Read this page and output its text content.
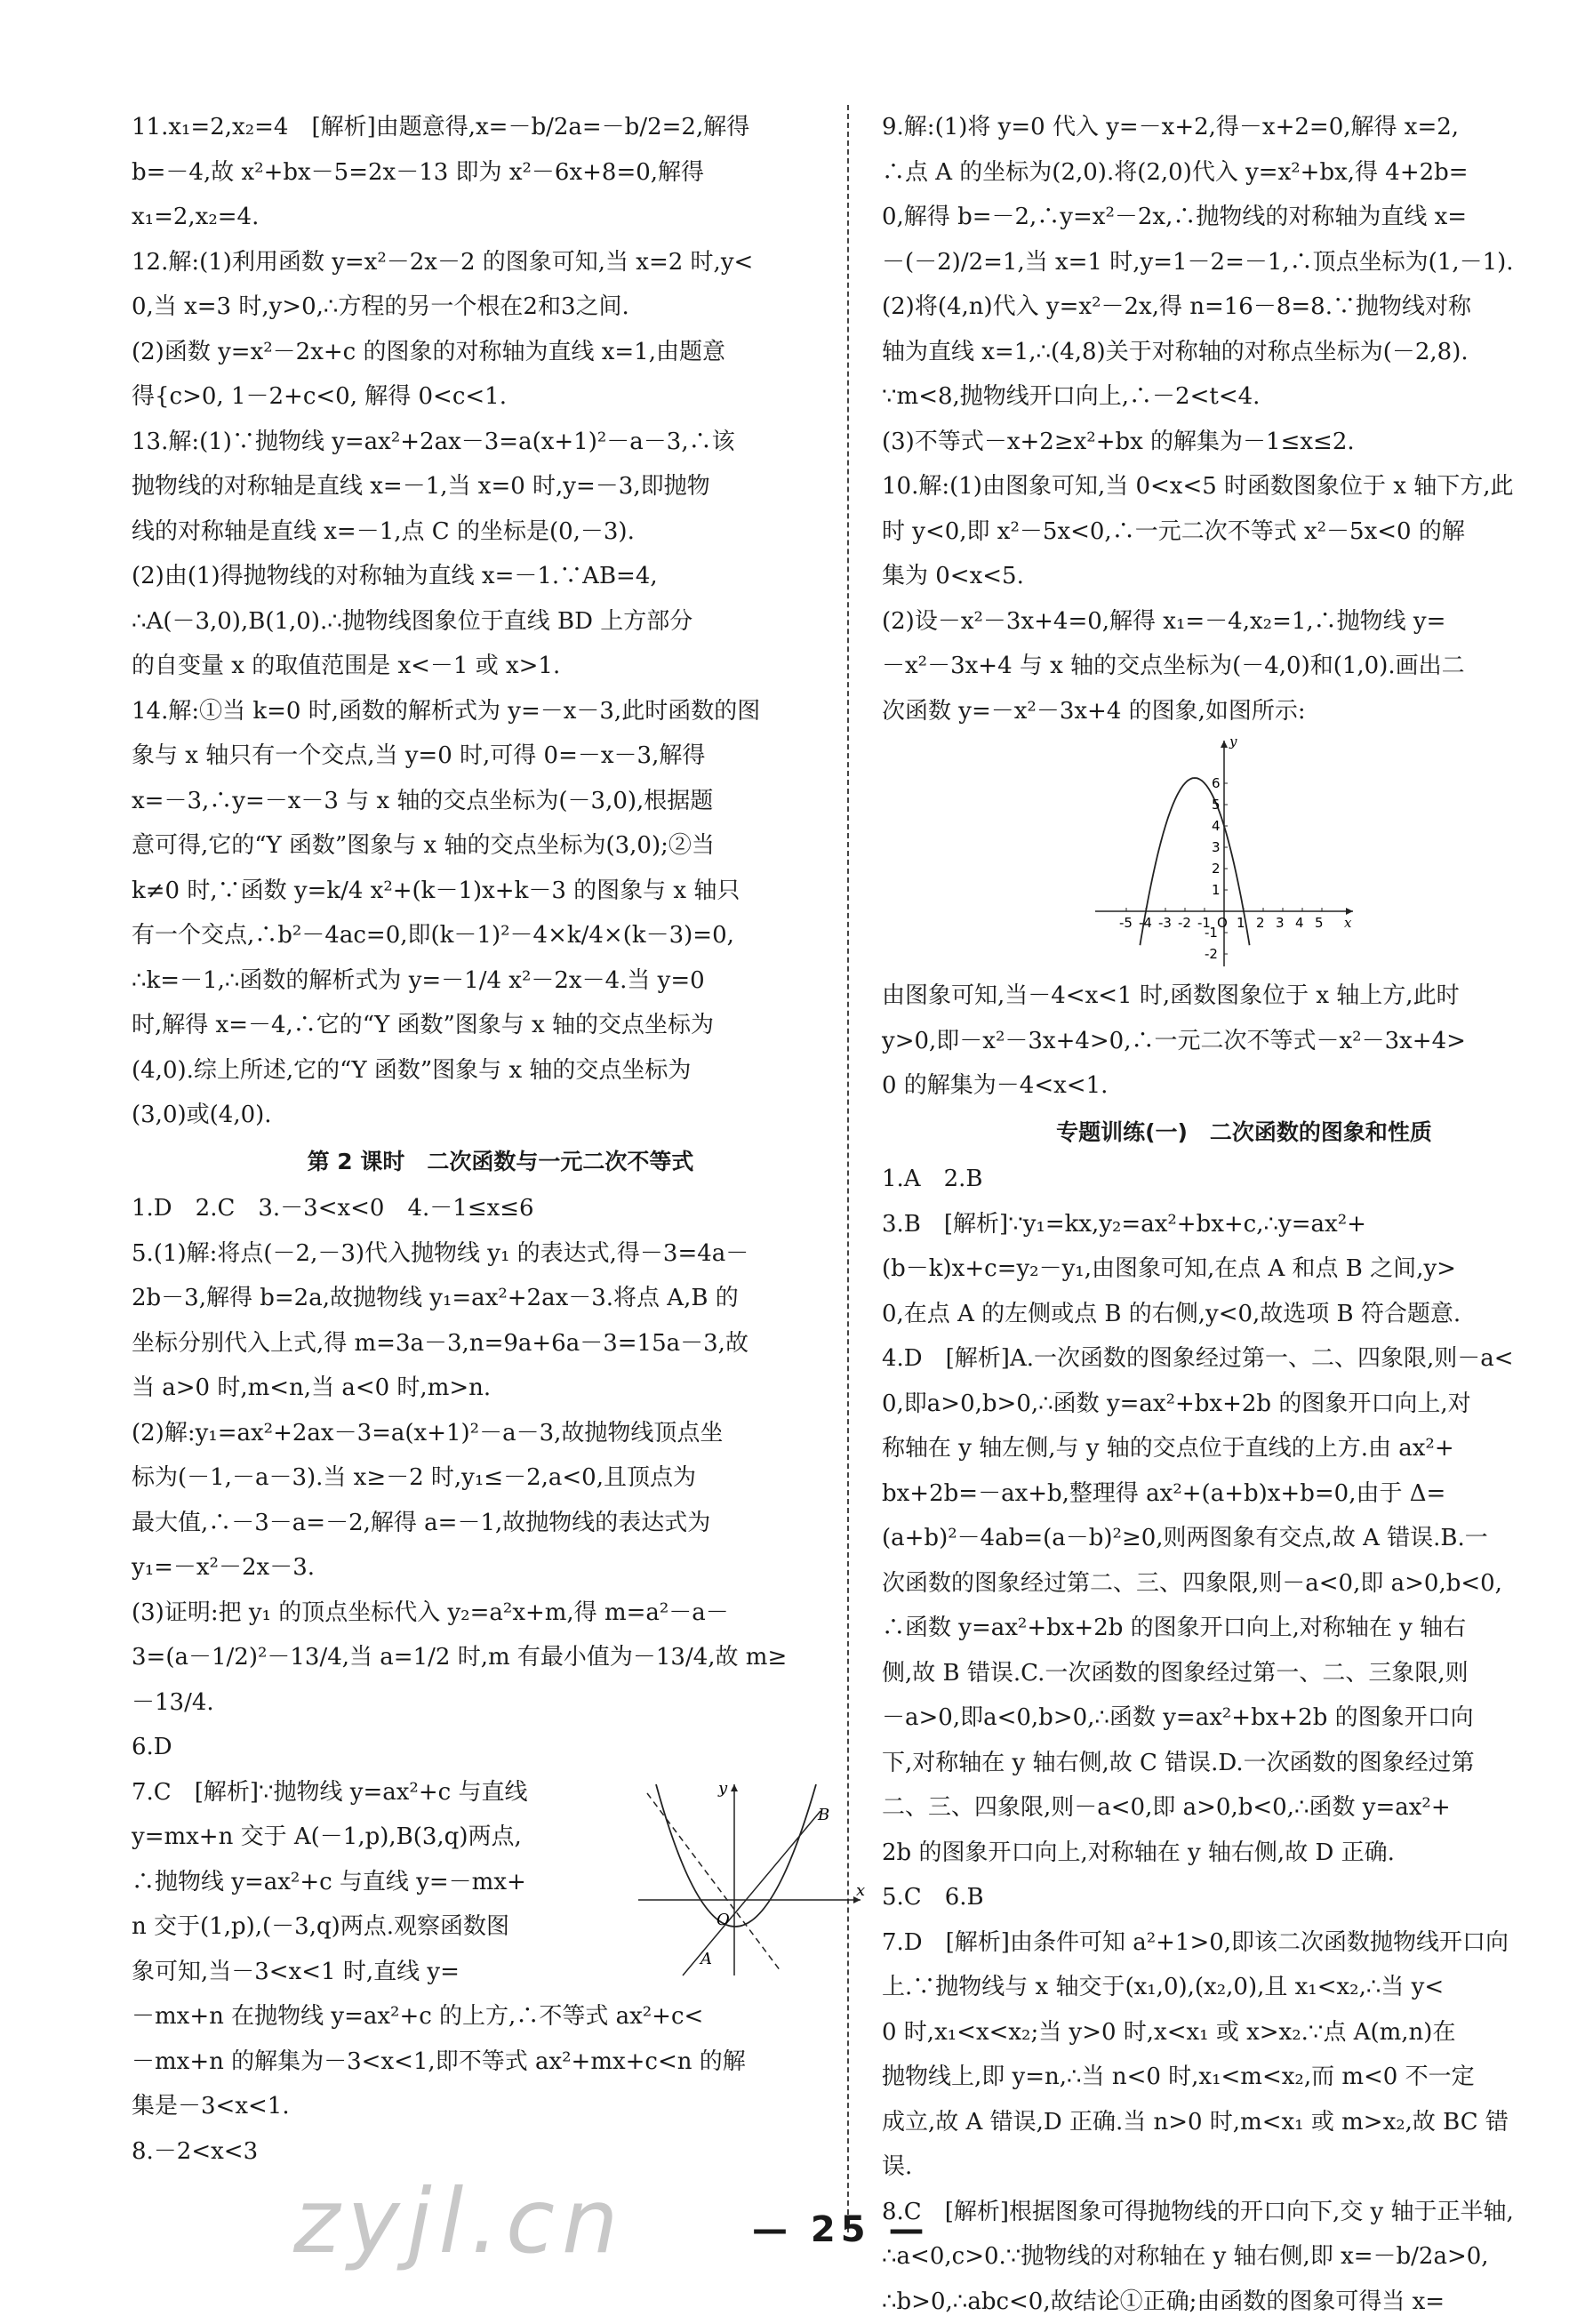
11.x₁=2,x₂=4　[解析]由题意得,x=－b/2a=－b/2=2,解得
b=－4,故 x²+bx－5=2x－13 即为 x²－6x+8=0,解得
x₁=2,x₂=4.
12.解:(1)利用函数 y=x²－2x－2 的图象可知,当 x=2 时,y<
0,当 x=3 时,y>0,∴方程的另一个根在2和3之间.
(2)函数 y=x²－2x+c 的图象的对称轴为直线 x=1,由题意
得{c>0, 1－2+c<0, 解得 0<c<1.
13.解:(1)∵抛物线 y=ax²+2ax－3=a(x+1)²－a－3,∴该
抛物线的对称轴是直线 x=－1,当 x=0 时,y=－3,即抛物
线的对称轴是直线 x=－1,点 C 的坐标是(0,－3).
(2)由(1)得抛物线的对称轴为直线 x=－1.∵AB=4,
∴A(－3,0),B(1,0).∴抛物线图象位于直线 BD 上方部分
的自变量 x 的取值范围是 x<－1 或 x>1.
14.解:①当 k=0 时,函数的解析式为 y=－x－3,此时函数的图
象与 x 轴只有一个交点,当 y=0 时,可得 0=－x－3,解得
x=－3,∴y=－x－3 与 x 轴的交点坐标为(－3,0),根据题
意可得,它的“Y 函数”图象与 x 轴的交点坐标为(3,0);②当
k≠0 时,∵函数 y=k/4 x²+(k－1)x+k－3 的图象与 x 轴只
有一个交点,∴b²－4ac=0,即(k－1)²－4×k/4×(k－3)=0,
∴k=－1,∴函数的解析式为 y=－1/4 x²－2x－4.当 y=0
时,解得 x=－4,∴它的“Y 函数”图象与 x 轴的交点坐标为
(4,0).综上所述,它的“Y 函数”图象与 x 轴的交点坐标为
(3,0)或(4,0).
第 2 课时　二次函数与一元二次不等式
1.D　2.C　3.－3<x<0　4.－1≤x≤6
5.(1)解:将点(－2,－3)代入抛物线 y₁ 的表达式,得－3=4a－
2b－3,解得 b=2a,故抛物线 y₁=ax²+2ax－3.将点 A,B 的
坐标分别代入上式,得 m=3a－3,n=9a+6a－3=15a－3,故
当 a>0 时,m<n,当 a<0 时,m>n.
(2)解:y₁=ax²+2ax－3=a(x+1)²－a－3,故抛物线顶点坐
标为(－1,－a－3).当 x≥－2 时,y₁≤－2,a<0,且顶点为
最大值,∴－3－a=－2,解得 a=－1,故抛物线的表达式为
y₁=－x²－2x－3.
(3)证明:把 y₁ 的顶点坐标代入 y₂=a²x+m,得 m=a²－a－
3=(a－1/2)²－13/4,当 a=1/2 时,m 有最小值为－13/4,故 m≥
－13/4.
6.D
7.C　[解析]∵抛物线 y=ax²+c 与直线
y=mx+n 交于 A(－1,p),B(3,q)两点,
∴抛物线 y=ax²+c 与直线 y=－mx+
n 交于(1,p),(－3,q)两点.观察函数图
象可知,当－3<x<1 时,直线 y=
－mx+n 在抛物线 y=ax²+c 的上方,∴不等式 ax²+c<
－mx+n 的解集为－3<x<1,即不等式 ax²+mx+c<n 的解
集是－3<x<1.
y
B
O
A
x
8.－2<x<3
9.解:(1)将 y=0 代入 y=－x+2,得－x+2=0,解得 x=2,
∴点 A 的坐标为(2,0).将(2,0)代入 y=x²+bx,得 4+2b=
0,解得 b=－2,∴y=x²－2x,∴抛物线的对称轴为直线 x=
－(－2)/2=1,当 x=1 时,y=1－2=－1,∴顶点坐标为(1,－1).
(2)将(4,n)代入 y=x²－2x,得 n=16－8=8.∵抛物线对称
轴为直线 x=1,∴(4,8)关于对称轴的对称点坐标为(－2,8).
∵m<8,抛物线开口向上,∴－2<t<4.
(3)不等式－x+2≥x²+bx 的解集为－1≤x≤2.
10.解:(1)由图象可知,当 0<x<5 时函数图象位于 x 轴下方,此
时 y<0,即 x²－5x<0,∴一元二次不等式 x²－5x<0 的解
集为 0<x<5.
(2)设－x²－3x+4=0,解得 x₁=－4,x₂=1,∴抛物线 y=
－x²－3x+4 与 x 轴的交点坐标为(－4,0)和(1,0).画出二
次函数 y=－x²－3x+4 的图象,如图所示:
-5 -4 -3 -2 -1 O 1 2 3 4 5 x
6
5
4
3
2
1
-1
-2
y
由图象可知,当－4<x<1 时,函数图象位于 x 轴上方,此时
y>0,即－x²－3x+4>0,∴一元二次不等式－x²－3x+4>
0 的解集为－4<x<1.
专题训练(一)　二次函数的图象和性质
1.A　2.B
3.B　[解析]∵y₁=kx,y₂=ax²+bx+c,∴y=ax²+
(b－k)x+c=y₂－y₁,由图象可知,在点 A 和点 B 之间,y>
0,在点 A 的左侧或点 B 的右侧,y<0,故选项 B 符合题意.
4.D　[解析]A.一次函数的图象经过第一、二、四象限,则－a<
0,即a>0,b>0,∴函数 y=ax²+bx+2b 的图象开口向上,对
称轴在 y 轴左侧,与 y 轴的交点位于直线的上方.由 ax²+
bx+2b=－ax+b,整理得 ax²+(a+b)x+b=0,由于 Δ=
(a+b)²－4ab=(a－b)²≥0,则两图象有交点,故 A 错误.B.一
次函数的图象经过第二、三、四象限,则－a<0,即 a>0,b<0,
∴函数 y=ax²+bx+2b 的图象开口向上,对称轴在 y 轴右
侧,故 B 错误.C.一次函数的图象经过第一、二、三象限,则
－a>0,即a<0,b>0,∴函数 y=ax²+bx+2b 的图象开口向
下,对称轴在 y 轴右侧,故 C 错误.D.一次函数的图象经过第
二、三、四象限,则－a<0,即 a>0,b<0,∴函数 y=ax²+
2b 的图象开口向上,对称轴在 y 轴右侧,故 D 正确.
5.C　6.B
7.D　[解析]由条件可知 a²+1>0,即该二次函数抛物线开口向
上.∵抛物线与 x 轴交于(x₁,0),(x₂,0),且 x₁<x₂,∴当 y<
0 时,x₁<x<x₂;当 y>0 时,x<x₁ 或 x>x₂.∵点 A(m,n)在
抛物线上,即 y=n,∴当 n<0 时,x₁<m<x₂,而 m<0 不一定
成立,故 A 错误,D 正确.当 n>0 时,m<x₁ 或 m>x₂,故 BC 错
误.
8.C　[解析]根据图象可得抛物线的开口向下,交 y 轴于正半轴,
∴a<0,c>0.∵抛物线的对称轴在 y 轴右侧,即 x=－b/2a>0,
∴b>0,∴abc<0,故结论①正确;由函数的图象可得当 x=
— 25 —
zyjl.cn
